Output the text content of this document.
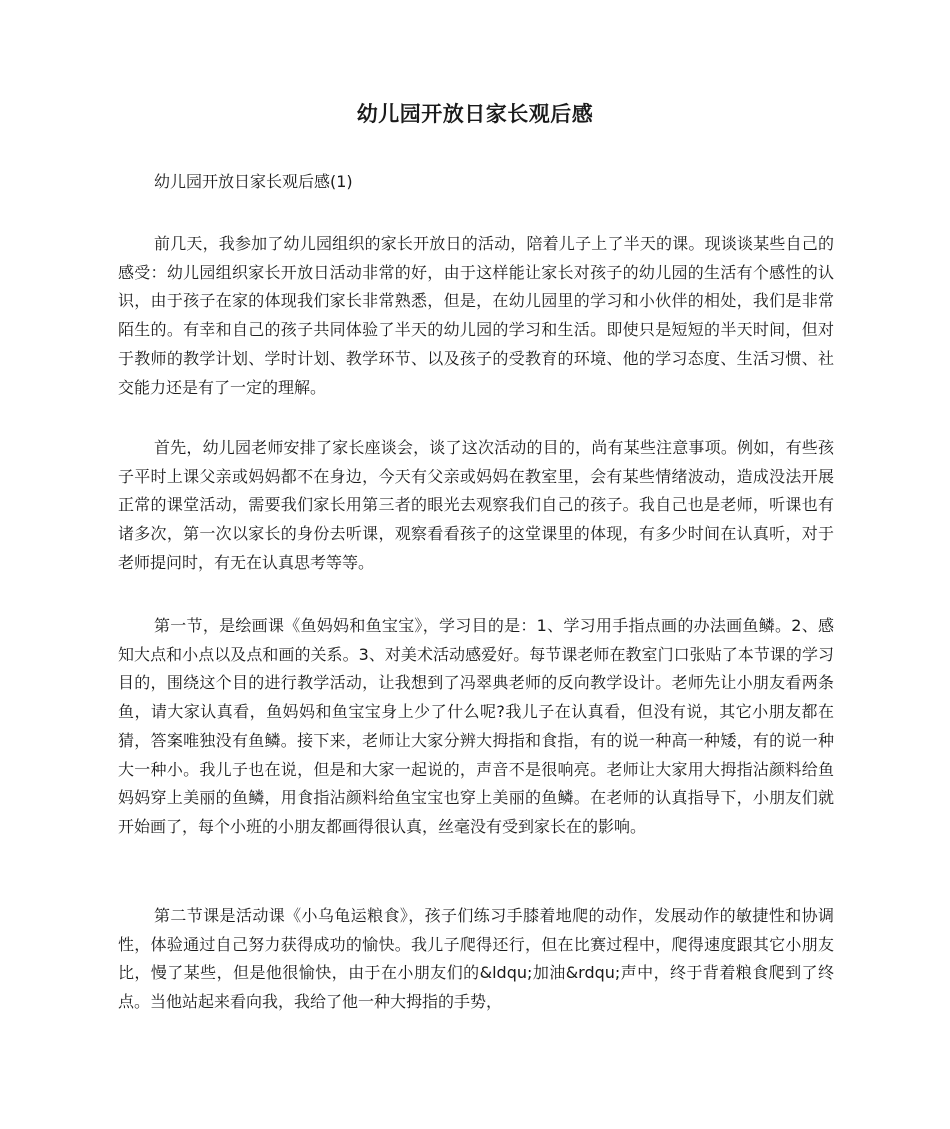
幼儿园开放日家长观后感

幼儿园开放日家长观后感(1)

前几天，我参加了幼儿园组织的家长开放日的活动，陪着儿子上了半天的课。现谈谈某些自己的感受：幼儿园组织家长开放日活动非常的好，由于这样能让家长对孩子的幼儿园的生活有个感性的认识，由于孩子在家的体现我们家长非常熟悉，但是，在幼儿园里的学习和小伙伴的相处，我们是非常陌生的。有幸和自己的孩子共同体验了半天的幼儿园的学习和生活。即使只是短短的半天时间，但对于教师的教学计划、学时计划、教学环节、以及孩子的受教育的环境、他的学习态度、生活习惯、社交能力还是有了一定的理解。

首先，幼儿园老师安排了家长座谈会，谈了这次活动的目的，尚有某些注意事项。例如，有些孩子平时上课父亲或妈妈都不在身边，今天有父亲或妈妈在教室里，会有某些情绪波动，造成没法开展正常的课堂活动，需要我们家长用第三者的眼光去观察我们自己的孩子。我自己也是老师，听课也有诸多次，第一次以家长的身份去听课，观察看看孩子的这堂课里的体现，有多少时间在认真听，对于老师提问时，有无在认真思考等等。

第一节，是绘画课《鱼妈妈和鱼宝宝》，学习目的是：1、学习用手指点画的办法画鱼鳞。2、感知大点和小点以及点和画的关系。3、对美术活动感爱好。每节课老师在教室门口张贴了本节课的学习目的，围绕这个目的进行教学活动，让我想到了冯翠典老师的反向教学设计。老师先让小朋友看两条鱼，请大家认真看，鱼妈妈和鱼宝宝身上少了什么呢?我儿子在认真看，但没有说，其它小朋友都在猜，答案唯独没有鱼鳞。接下来，老师让大家分辨大拇指和食指，有的说一种高一种矮，有的说一种大一种小。我儿子也在说，但是和大家一起说的，声音不是很响亮。老师让大家用大拇指沾颜料给鱼妈妈穿上美丽的鱼鳞，用食指沾颜料给鱼宝宝也穿上美丽的鱼鳞。在老师的认真指导下，小朋友们就开始画了，每个小班的小朋友都画得很认真，丝毫没有受到家长在的影响。

第二节课是活动课《小乌龟运粮食》，孩子们练习手膝着地爬的动作，发展动作的敏捷性和协调性，体验通过自己努力获得成功的愉快。我儿子爬得还行，但在比赛过程中，爬得速度跟其它小朋友比，慢了某些，但是他很愉快，由于在小朋友们的&ldqu;加油&rdqu;声中，终于背着粮食爬到了终点。当他站起来看向我，我给了他一种大拇指的手势，
